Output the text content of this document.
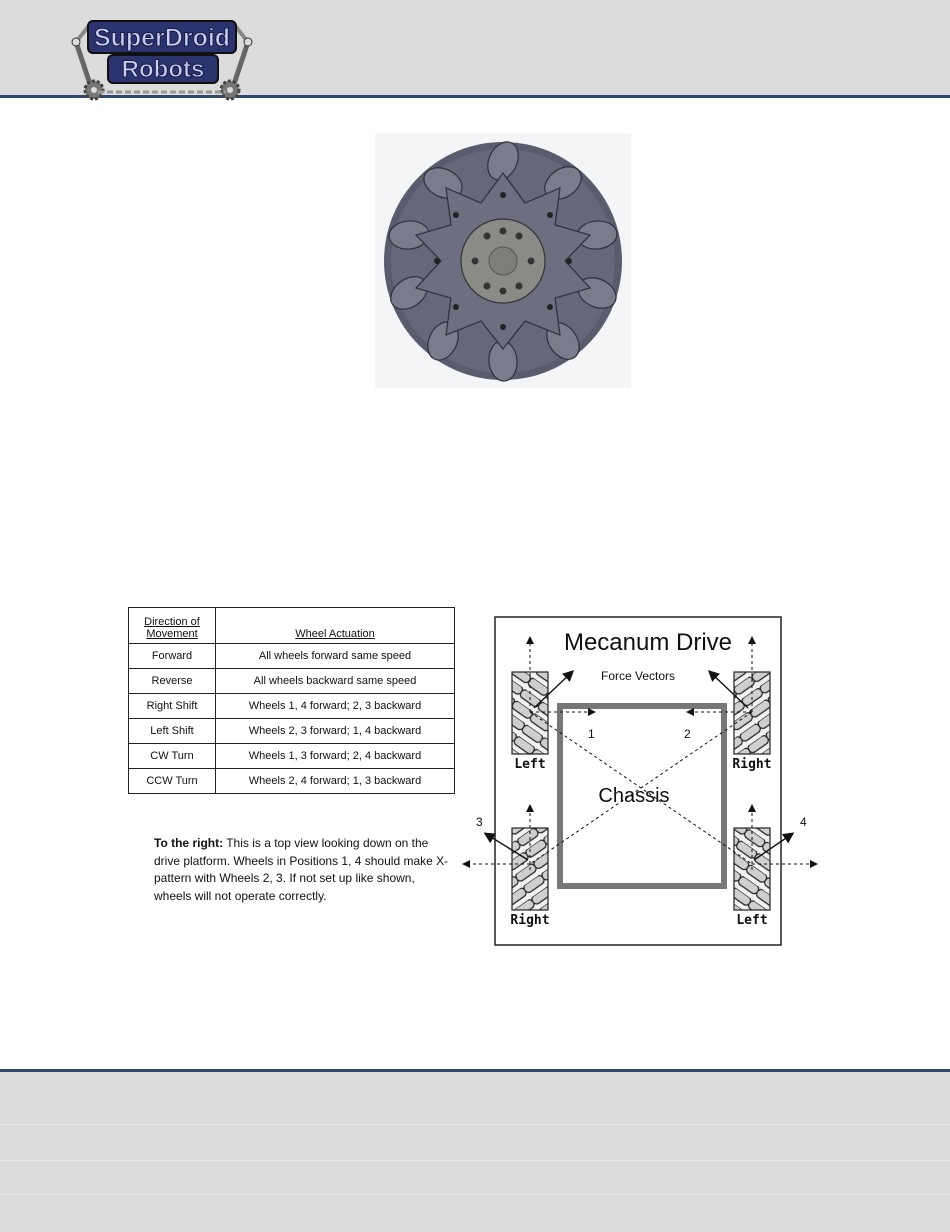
SuperDroid
Robots
Direction of
Movement	Wheel Actuation
Forward	All wheels forward same speed
Reverse	All wheels backward same speed
Right Shift	Wheels 1, 4 forward; 2, 3 backward
Left Shift	Wheels 2, 3 forward; 1, 4 backward
CW Turn	Wheels 1, 3 forward; 2, 4 backward
CCW Turn	Wheels 2, 4 forward; 1, 3 backward
To the right: This is a top view looking down on the drive platform. Wheels in Positions 1, 4 should make X- pattern with Wheels 2, 3. If not set up like shown, wheels will not operate correctly.
Mecanum Drive
Force Vectors
Chassis
Left	Right
Right	Left
1	2
3	4
